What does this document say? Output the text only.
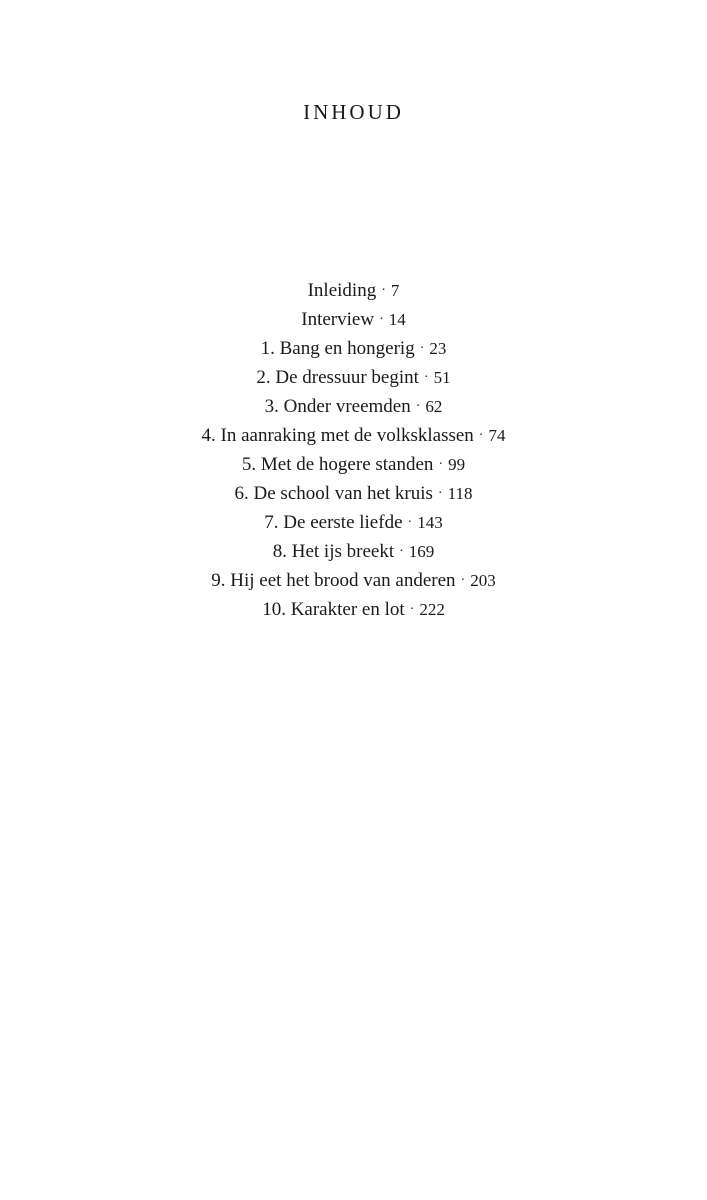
INHOUD
Inleiding · 7
Interview · 14
1. Bang en hongerig · 23
2. De dressuur begint · 51
3. Onder vreemden · 62
4. In aanraking met de volksklassen · 74
5. Met de hogere standen · 99
6. De school van het kruis · 118
7. De eerste liefde · 143
8. Het ijs breekt · 169
9. Hij eet het brood van anderen · 203
10. Karakter en lot · 222
